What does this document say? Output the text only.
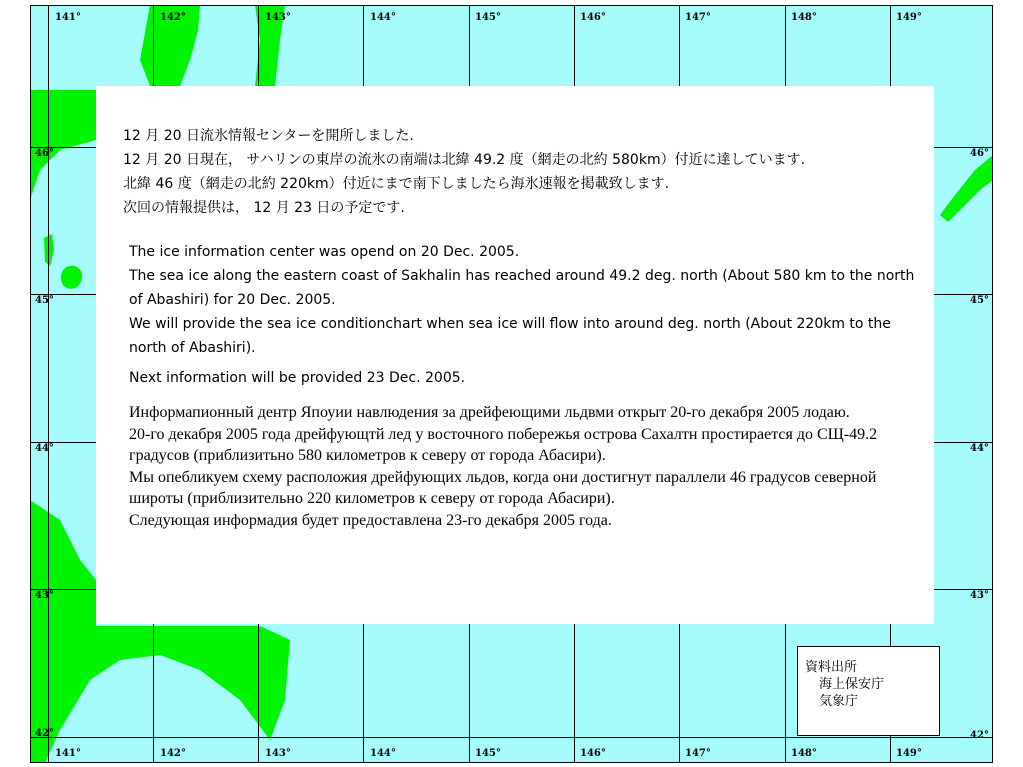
141°	142°	143°	144°	145°	146°	147°	148°	149°
141°	142°	143°	144°	145°	146°	147°	148°	149°
46°
45°
44°
43°
42°
46°
45°
44°
43°
42°

12 月 20 日流氷情報センターを開所しました.

12 月 20 日現在， サハリンの東岸の流氷の南端は北緯 49.2 度（網走の北約 580km）付近に達しています.

北緯 46 度（網走の北約 220km）付近にまで南下しましたら海氷速報を掲載致します.

次回の情報提供は， 12 月 23 日の予定です.

The ice information center was opend on 20 Dec. 2005.

The sea ice along the eastern coast of Sakhalin has reached around 49.2 deg. north (About 580 km to the north of Abashiri) for 20 Dec. 2005.

We will provide the sea ice conditionchart when sea ice will flow into around deg. north (About 220km to the north of Abashiri).

Next information will be provided 23 Dec. 2005.

Информапионный дентр Япоуии навлюдения за дрейфеющими льдвми открыт 20-го декабря 2005 лодаю.

20-го декабря 2005 года дрейфующтй лед у восточного побережья острова Сахалтн простирается до СЩ-49.2 градусов (приблизитьно 580 километров к северу от города Абасири).

Мы опебликуем схему расположия дрейфующих льдов, когда они достигнут параллели 46 градусов северной широты (приблизительно 220 километров к северу от города Абасири).

Следующая информадия будет предоставлена 23-го декабря 2005 года.

資料出所
海上保安庁
気象庁
